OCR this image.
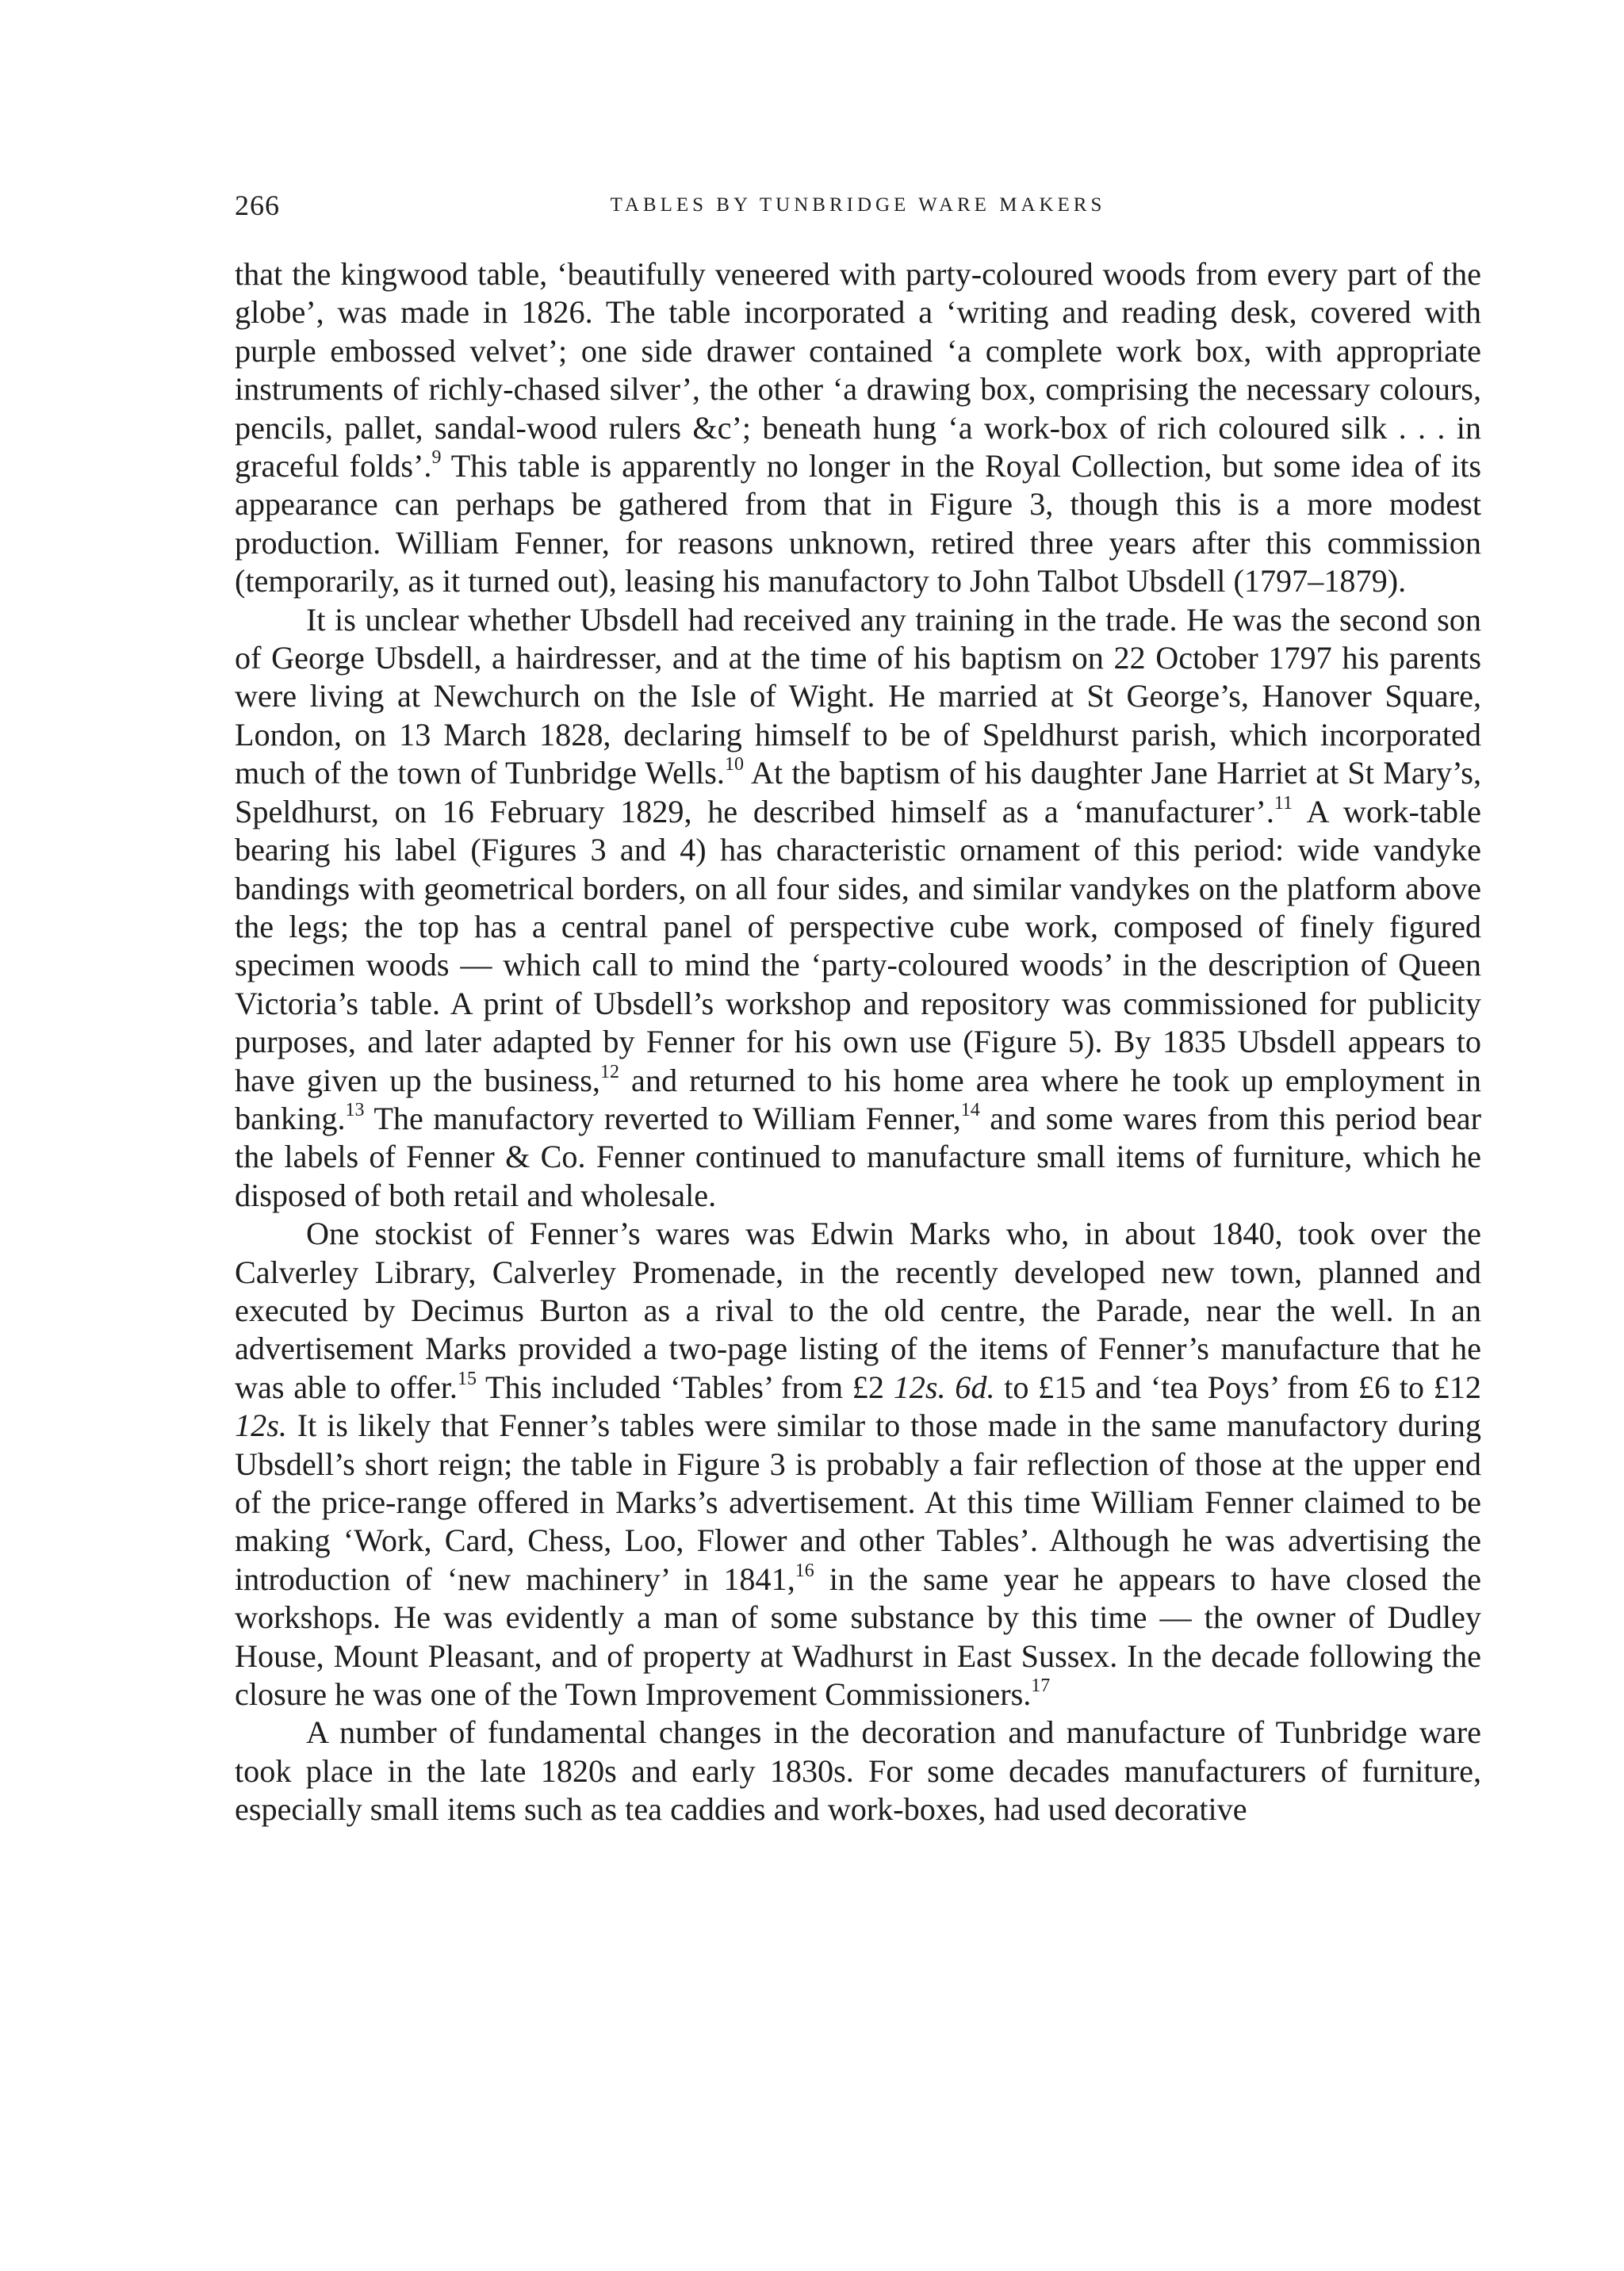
266	TABLES BY TUNBRIDGE WARE MAKERS

that the kingwood table, ‘beautifully veneered with party-coloured woods from every part of the globe’, was made in 1826. The table incorporated a ‘writing and reading desk, covered with purple embossed velvet’; one side drawer contained ‘a complete work box, with appropriate instruments of richly-chased silver’, the other ‘a drawing box, comprising the necessary colours, pencils, pallet, sandal-wood rulers &c’; beneath hung ‘a work-box of rich coloured silk . . . in graceful folds’.$^9$ This table is apparently no longer in the Royal Collection, but some idea of its appearance can perhaps be gathered from that in Figure 3, though this is a more modest production. William Fenner, for reasons unknown, retired three years after this commission (temporarily, as it turned out), leasing his manufactory to John Talbot Ubsdell (1797–1879).

It is unclear whether Ubsdell had received any training in the trade. He was the second son of George Ubsdell, a hairdresser, and at the time of his baptism on 22 October 1797 his parents were living at Newchurch on the Isle of Wight. He married at St George’s, Hanover Square, London, on 13 March 1828, declaring himself to be of Speldhurst parish, which incorporated much of the town of Tunbridge Wells.$^{10}$ At the baptism of his daughter Jane Harriet at St Mary’s, Speldhurst, on 16 February 1829, he described himself as a ‘manufacturer’.$^{11}$ A work-table bearing his label (Figures 3 and 4) has characteristic ornament of this period: wide vandyke bandings with geometrical borders, on all four sides, and similar vandykes on the platform above the legs; the top has a central panel of perspective cube work, composed of finely figured specimen woods — which call to mind the ‘party-coloured woods’ in the description of Queen Victoria’s table. A print of Ubsdell’s workshop and repository was commissioned for publicity purposes, and later adapted by Fenner for his own use (Figure 5). By 1835 Ubsdell appears to have given up the business,$^{12}$ and returned to his home area where he took up employment in banking.$^{13}$ The manufactory reverted to William Fenner,$^{14}$ and some wares from this period bear the labels of Fenner & Co. Fenner continued to manufacture small items of furniture, which he disposed of both retail and wholesale.

One stockist of Fenner’s wares was Edwin Marks who, in about 1840, took over the Calverley Library, Calverley Promenade, in the recently developed new town, planned and executed by Decimus Burton as a rival to the old centre, the Parade, near the well. In an advertisement Marks provided a two-page listing of the items of Fenner’s manufacture that he was able to offer.$^{15}$ This included ‘Tables’ from £2 12s. 6d. to £15 and ‘tea Poys’ from £6 to £12 12s. It is likely that Fenner’s tables were similar to those made in the same manufactory during Ubsdell’s short reign; the table in Figure 3 is probably a fair reflection of those at the upper end of the price-range offered in Marks’s advertisement. At this time William Fenner claimed to be making ‘Work, Card, Chess, Loo, Flower and other Tables’. Although he was advertising the introduction of ‘new machinery’ in 1841,16 in the same year he appears to have closed the workshops. He was evidently a man of some substance by this time — the owner of Dudley House, Mount Pleasant, and of property at Wadhurst in East Sussex. In the decade following the closure he was one of the Town Improvement Commissioners.$^{17}$

A number of fundamental changes in the decoration and manufacture of Tunbridge ware took place in the late 1820s and early 1830s. For some decades manufacturers of furniture, especially small items such as tea caddies and work-boxes, had used decorative
